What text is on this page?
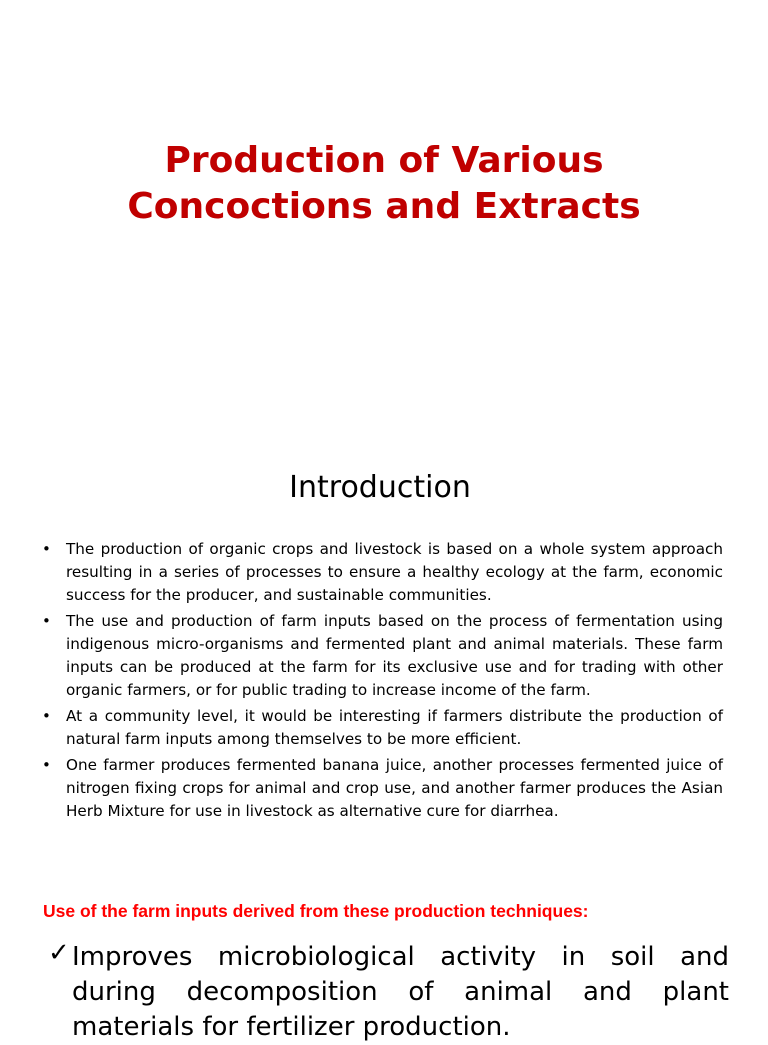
Production of Various
Concoctions and Extracts
Introduction
• The production of organic crops and livestock is based on a whole system approach resulting in a series of processes to ensure a healthy ecology at the farm, economic success for the producer, and sustainable communities.
• The use and production of farm inputs based on the process of fermentation using indigenous micro-organisms and fermented plant and animal materials. These farm inputs can be produced at the farm for its exclusive use and for trading with other organic farmers, or for public trading to increase income of the farm.
• At a community level, it would be interesting if farmers distribute the production of natural farm inputs among themselves to be more efficient.
• One farmer produces fermented banana juice, another processes fermented juice of nitrogen fixing crops for animal and crop use, and another farmer produces the Asian Herb Mixture for use in livestock as alternative cure for diarrhea.
Use of the farm inputs derived from these production techniques:
✓ Improves microbiological activity in soil and during decomposition of animal and plant materials for fertilizer production.
